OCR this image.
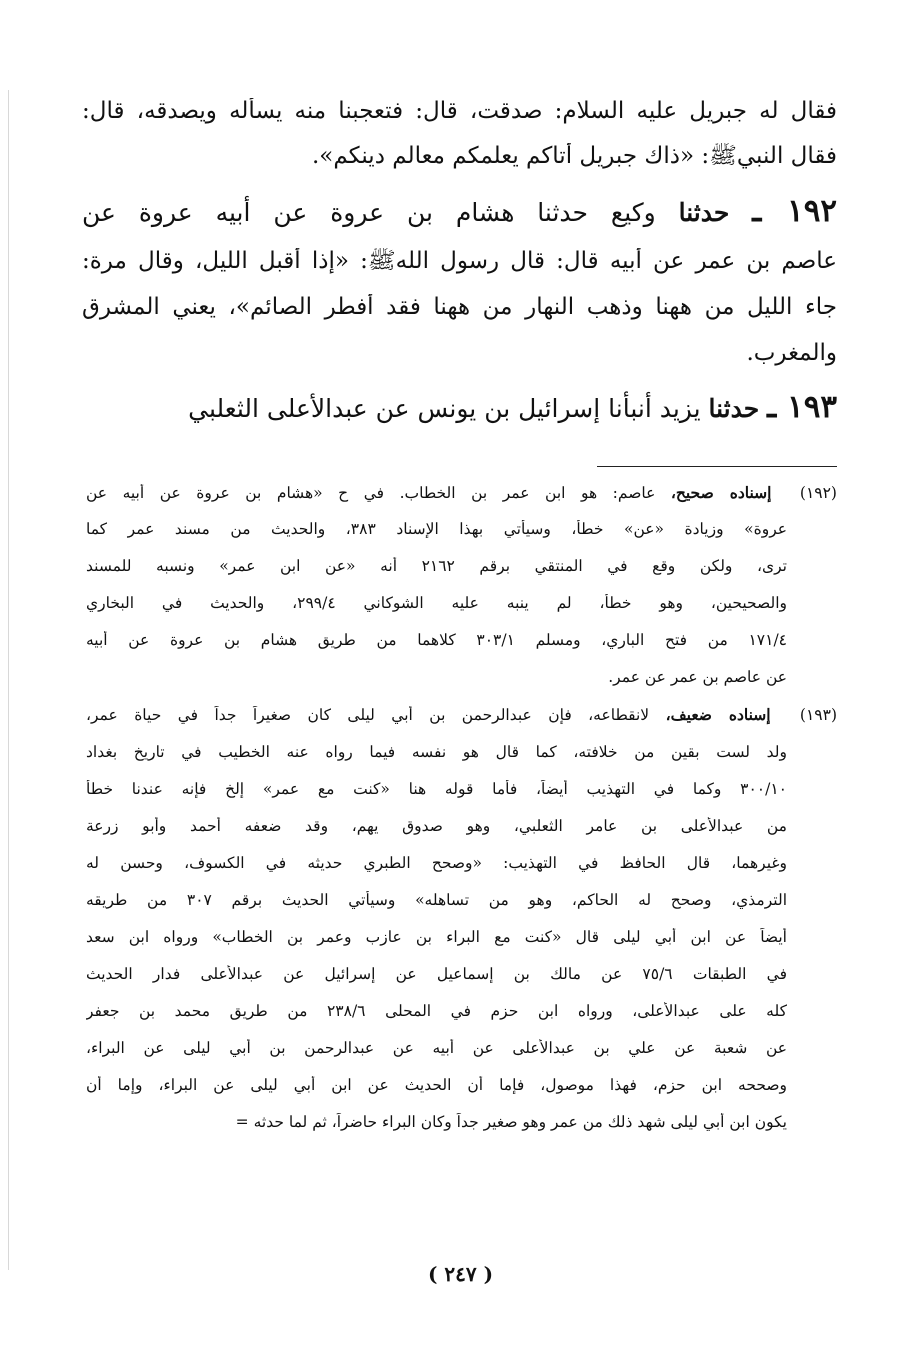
فقال له جبريل عليه السلام: صدقت، قال: فتعجبنا منه يسأله ويصدقه، قال:
فقال النبيﷺ: «ذاك جبريل أتاكم يعلمكم معالم دينكم».
١٩٢ ـ حدثنا وكيع حدثنا هشام بن عروة عن أبيه عروة عن
عاصم بن عمر عن أبيه قال: قال رسول اللهﷺ: «إذا أقبل الليل، وقال مرة:
جاء الليل من ههنا وذهب النهار من ههنا فقد أفطر الصائم»، يعني المشرق
والمغرب.
١٩٣ ـ حدثنا يزيد أنبأنا إسرائيل بن يونس عن عبدالأعلى الثعلبي
(١٩٢) إسناده صحيح، عاصم: هو ابن عمر بن الخطاب. في ح «هشام بن عروة عن أبيه عن
عروة» وزيادة «عن» خطأ، وسيأتي بهذا الإسناد ٣٨٣، والحديث من مسند عمر كما
ترى، ولكن وقع في المنتقي برقم ٢١٦٢ أنه «عن ابن عمر» ونسبه للمسند
والصحيحين، وهو خطأ، لم ينبه عليه الشوكاني ٢٩٩/٤، والحديث في البخاري
١٧١/٤ من فتح الباري، ومسلم ٣٠٣/١ كلاهما من طريق هشام بن عروة عن أبيه
عن عاصم بن عمر عن عمر.
(١٩٣) إسناده ضعيف، لانقطاعه، فإن عبدالرحمن بن أبي ليلى كان صغيراً جداً في حياة عمر،
ولد لست بقين من خلافته، كما قال هو نفسه فيما رواه عنه الخطيب في تاريخ بغداد
٣٠٠/١٠ وكما في التهذيب أيضاً، فأما قوله هنا «كنت مع عمر» إلخ فإنه عندنا خطأ
من عبدالأعلى بن عامر الثعلبي، وهو صدوق يهم، وقد ضعفه أحمد وأبو زرعة
وغيرهما، قال الحافظ في التهذيب: «وصحح الطبري حديثه في الكسوف، وحسن له
الترمذي، وصحح له الحاكم، وهو من تساهله» وسيأتي الحديث برقم ٣٠٧ من طريقه
أيضاً عن ابن أبي ليلى قال «كنت مع البراء بن عازب وعمر بن الخطاب» ورواه ابن سعد
في الطبقات ٧٥/٦ عن مالك بن إسماعيل عن إسرائيل عن عبدالأعلى فدار الحديث
كله على عبدالأعلى، ورواه ابن حزم في المحلى ٢٣٨/٦ من طريق محمد بن جعفر
عن شعبة عن علي بن عبدالأعلى عن أبيه عن عبدالرحمن بن أبي ليلى عن البراء،
وصححه ابن حزم، فهذا موصول، فإما أن الحديث عن ابن أبي ليلى عن البراء، وإما أن
يكون ابن أبي ليلى شهد ذلك من عمر وهو صغير جداً وكان البراء حاضراً، ثم لما حدثه =
( ٢٤٧ )
